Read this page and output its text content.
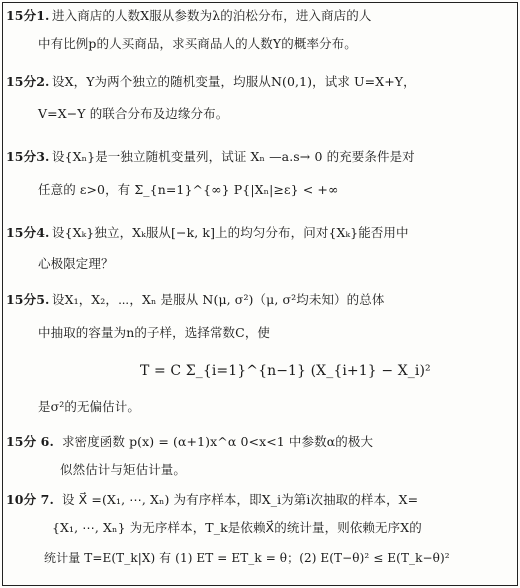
15分1. 进入商店的人数X服从参数为λ的泊松分布，进入商店的人
中有比例p的人买商品，求买商品人的人数Y的概率分布。
15分2. 设X，Y为两个独立的随机变量，均服从N(0,1)，试求 U=X+Y，
V=X−Y 的联合分布及边缘分布。
15分3. 设{Xₙ}是一独立随机变量列，试证 Xₙ —a.s→ 0 的充要条件是对
任意的 ε>0，有 Σ_{n=1}^{∞} P{|Xₙ|≥ε} < +∞
15分4. 设{Xₖ}独立，Xₖ服从[−k, k]上的均匀分布，问对{Xₖ}能否用中
心极限定理？
15分5. 设X₁，X₂，⋯，Xₙ 是服从 N(μ, σ²)（μ, σ²均未知）的总体
中抽取的容量为n的子样，选择常数C，使
T = C Σ_{i=1}^{n−1} (X_{i+1} − X_i)²
是σ²的无偏估计。
15分 6. 求密度函数 p(x) = (α+1)x^α 0<x<1 中参数α的极大
似然估计与矩估计量。
10分 7. 设 X⃗ =(X₁, ⋯, Xₙ) 为有序样本，即X_i为第i次抽取的样本，X=
{X₁, ⋯, Xₙ} 为无序样本，T_k是依赖X⃗的统计量，则依赖无序X的
统计量 T=E(T_k|X) 有 (1) ET = ET_k = θ；(2) E(T−θ)² ≤ E(T_k−θ)²
